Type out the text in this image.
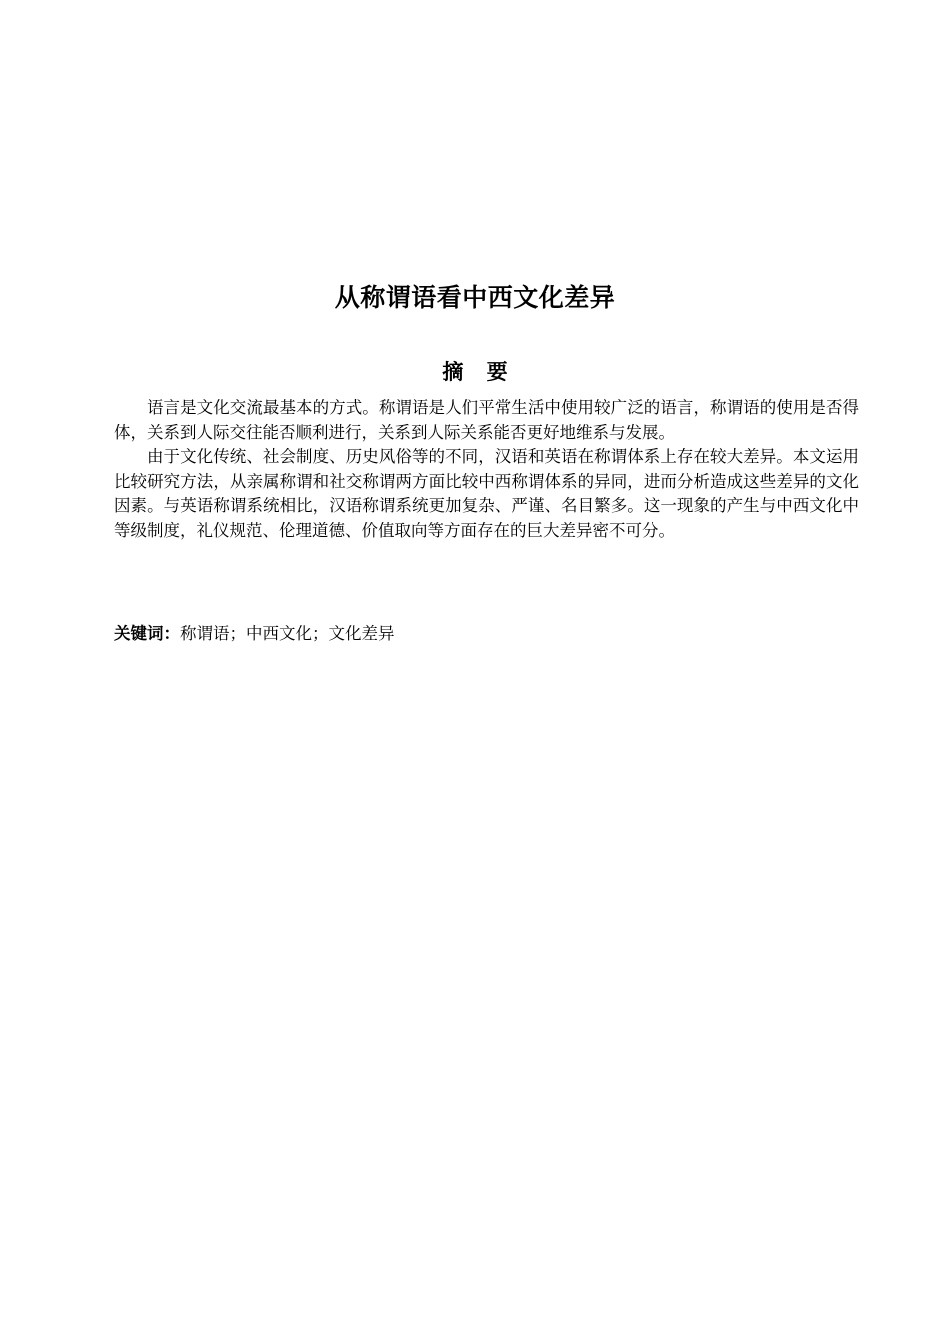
从称谓语看中西文化差异
摘 要

语言是文化交流最基本的方式。称谓语是人们平常生活中使用较广泛的语言，称谓语的使用是否得体，关系到人际交往能否顺利进行，关系到人际关系能否更好地维系与发展。

由于文化传统、社会制度、历史风俗等的不同，汉语和英语在称谓体系上存在较大差异。本文运用比较研究方法，从亲属称谓和社交称谓两方面比较中西称谓体系的异同，进而分析造成这些差异的文化因素。与英语称谓系统相比，汉语称谓系统更加复杂、严谨、名目繁多。这一现象的产生与中西文化中等级制度，礼仪规范、伦理道德、价值取向等方面存在的巨大差异密不可分。

关键词：称谓语；中西文化；文化差异
